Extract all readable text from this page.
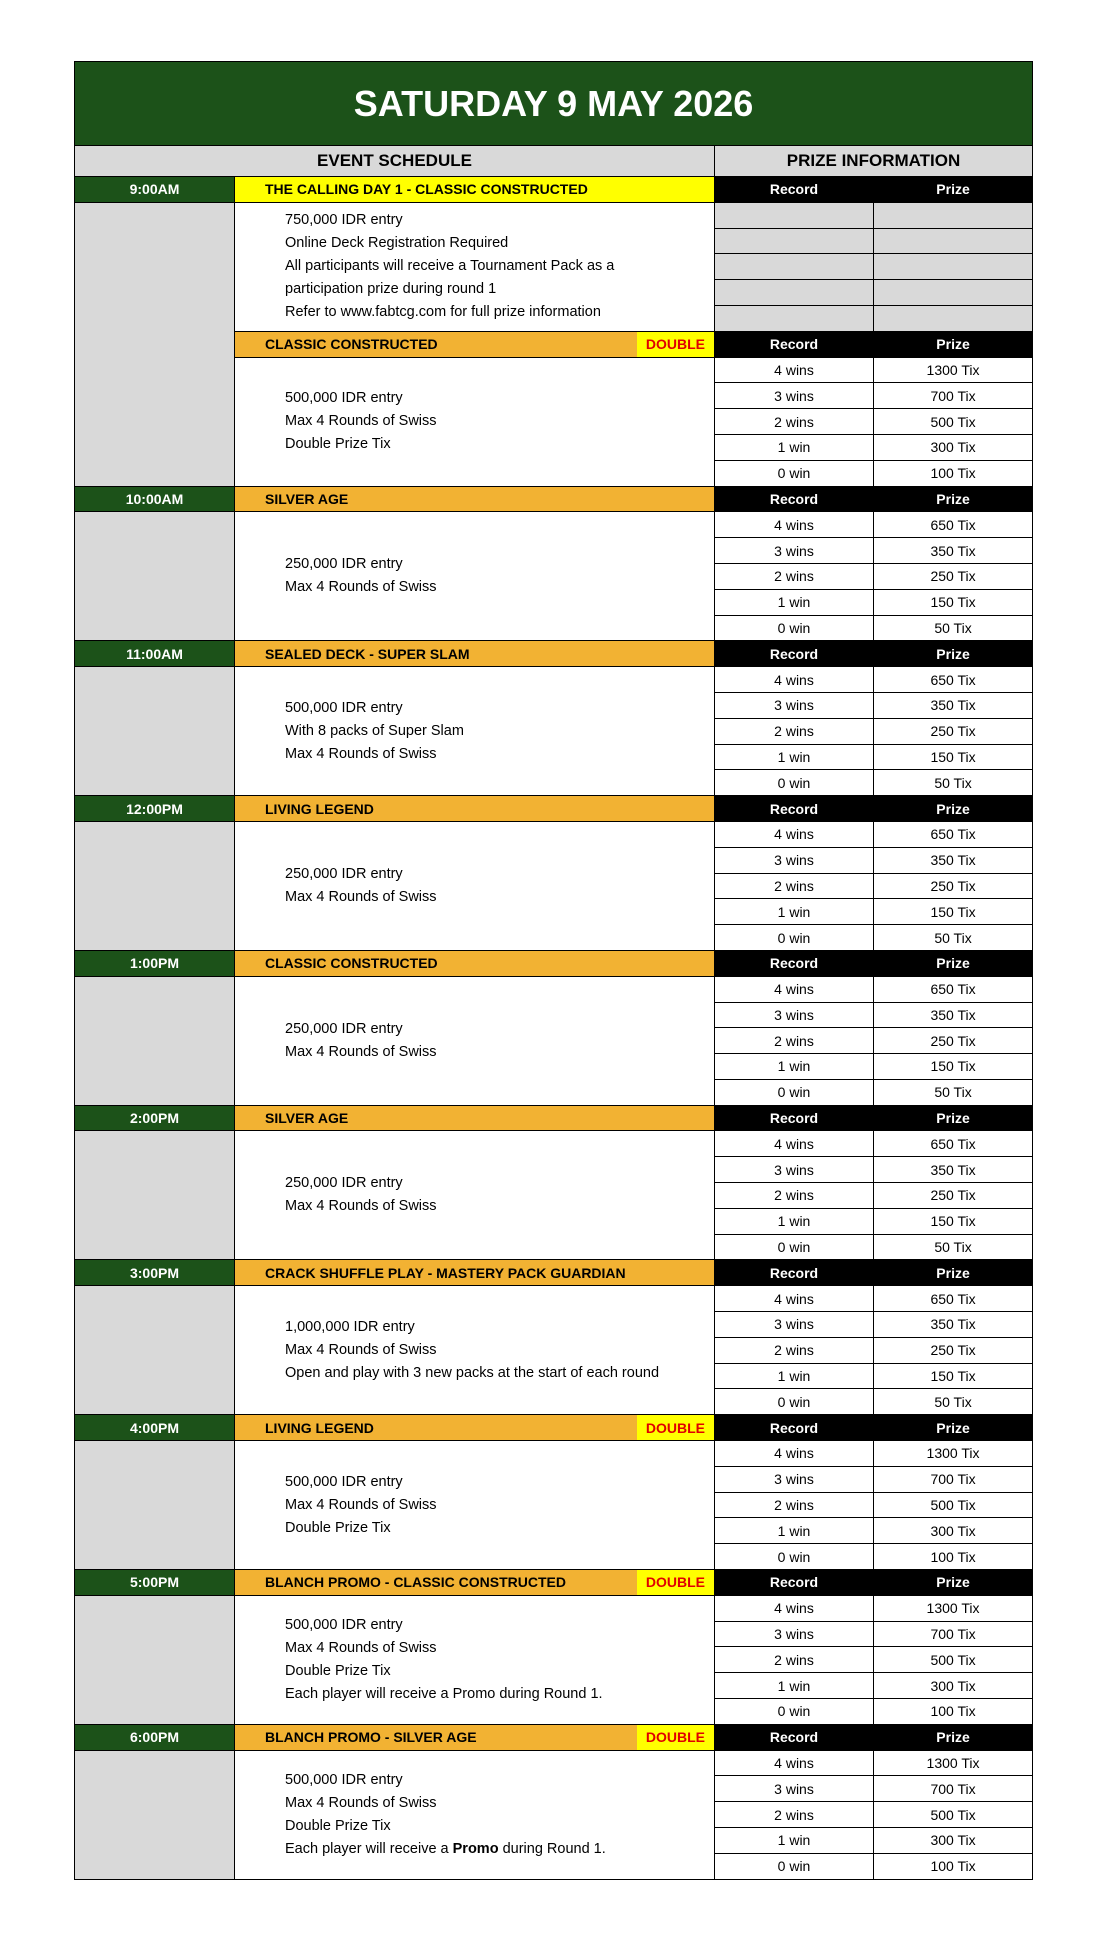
SATURDAY 9 MAY 2026			
EVENT SCHEDULE		PRIZE INFORMATION	
9:00AM	THE CALLING DAY 1 - CLASSIC CONSTRUCTED	Record	Prize

	750,000 IDR entry
Online Deck Registration Required
All participants will receive a Tournament Pack as a
participation prize during round 1
Refer to www.fabtcg.com for full prize information		

	CLASSIC CONSTRUCTED DOUBLE	Record	Prize

	500,000 IDR entry
Max 4 Rounds of Swiss
Double Prize Tix	4 wins	1300 Tix
		3 wins	700 Tix
		2 wins	500 Tix
		1 win	300 Tix
		0 win	100 Tix
10:00AM	SILVER AGE	Record	Prize

	250,000 IDR entry
Max 4 Rounds of Swiss	4 wins	650 Tix
		3 wins	350 Tix
		2 wins	250 Tix
		1 win	150 Tix
		0 win	50 Tix
11:00AM	SEALED DECK - SUPER SLAM	Record	Prize

	500,000 IDR entry
With 8 packs of Super Slam
Max 4 Rounds of Swiss	4 wins	650 Tix
		3 wins	350 Tix
		2 wins	250 Tix
		1 win	150 Tix
		0 win	50 Tix
12:00PM	LIVING LEGEND	Record	Prize

	250,000 IDR entry
Max 4 Rounds of Swiss	4 wins	650 Tix
		3 wins	350 Tix
		2 wins	250 Tix
		1 win	150 Tix
		0 win	50 Tix
1:00PM	CLASSIC CONSTRUCTED	Record	Prize

	250,000 IDR entry
Max 4 Rounds of Swiss	4 wins	650 Tix
		3 wins	350 Tix
		2 wins	250 Tix
		1 win	150 Tix
		0 win	50 Tix
2:00PM	SILVER AGE	Record	Prize

	250,000 IDR entry
Max 4 Rounds of Swiss	4 wins	650 Tix
		3 wins	350 Tix
		2 wins	250 Tix
		1 win	150 Tix
		0 win	50 Tix
3:00PM	CRACK SHUFFLE PLAY - MASTERY PACK GUARDIAN	Record	Prize

	1,000,000 IDR entry
Max 4 Rounds of Swiss
Open and play with 3 new packs at the start of each round	4 wins	650 Tix
		3 wins	350 Tix
		2 wins	250 Tix
		1 win	150 Tix
		0 win	50 Tix
4:00PM	LIVING LEGEND DOUBLE	Record	Prize

	500,000 IDR entry
Max 4 Rounds of Swiss
Double Prize Tix	4 wins	1300 Tix
		3 wins	700 Tix
		2 wins	500 Tix
		1 win	300 Tix
		0 win	100 Tix
5:00PM	BLANCH PROMO - CLASSIC CONSTRUCTED DOUBLE	Record	Prize

	500,000 IDR entry
Max 4 Rounds of Swiss
Double Prize Tix
Each player will receive a Promo during Round 1.	4 wins	1300 Tix
		3 wins	700 Tix
		2 wins	500 Tix
		1 win	300 Tix
		0 win	100 Tix
6:00PM	BLANCH PROMO - SILVER AGE DOUBLE	Record	Prize

	500,000 IDR entry
Max 4 Rounds of Swiss
Double Prize Tix
Each player will receive a Promo during Round 1.	4 wins	1300 Tix
		3 wins	700 Tix
		2 wins	500 Tix
		1 win	300 Tix
		0 win	100 Tix
